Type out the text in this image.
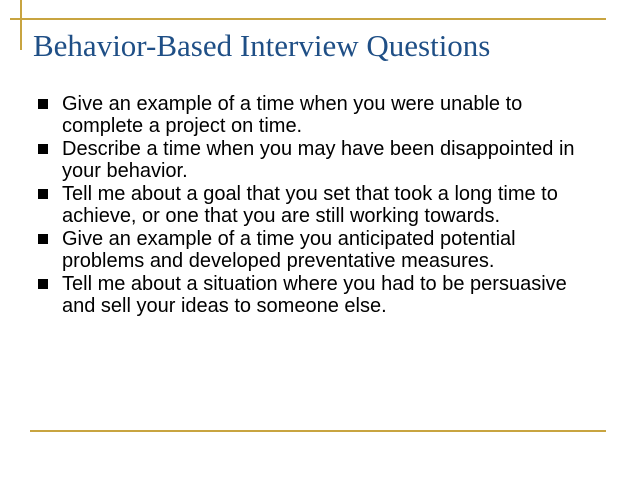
Behavior-Based Interview Questions
Give an example of a time when you were unable to complete a project on time.
Describe a time when you may have been disappointed in your behavior.
Tell me about a goal that you set that took a long time to achieve, or one that you are still working towards.
Give an example of a time you anticipated potential problems and developed preventative measures.
Tell me about a situation where you had to be persuasive and sell your ideas to someone else.
